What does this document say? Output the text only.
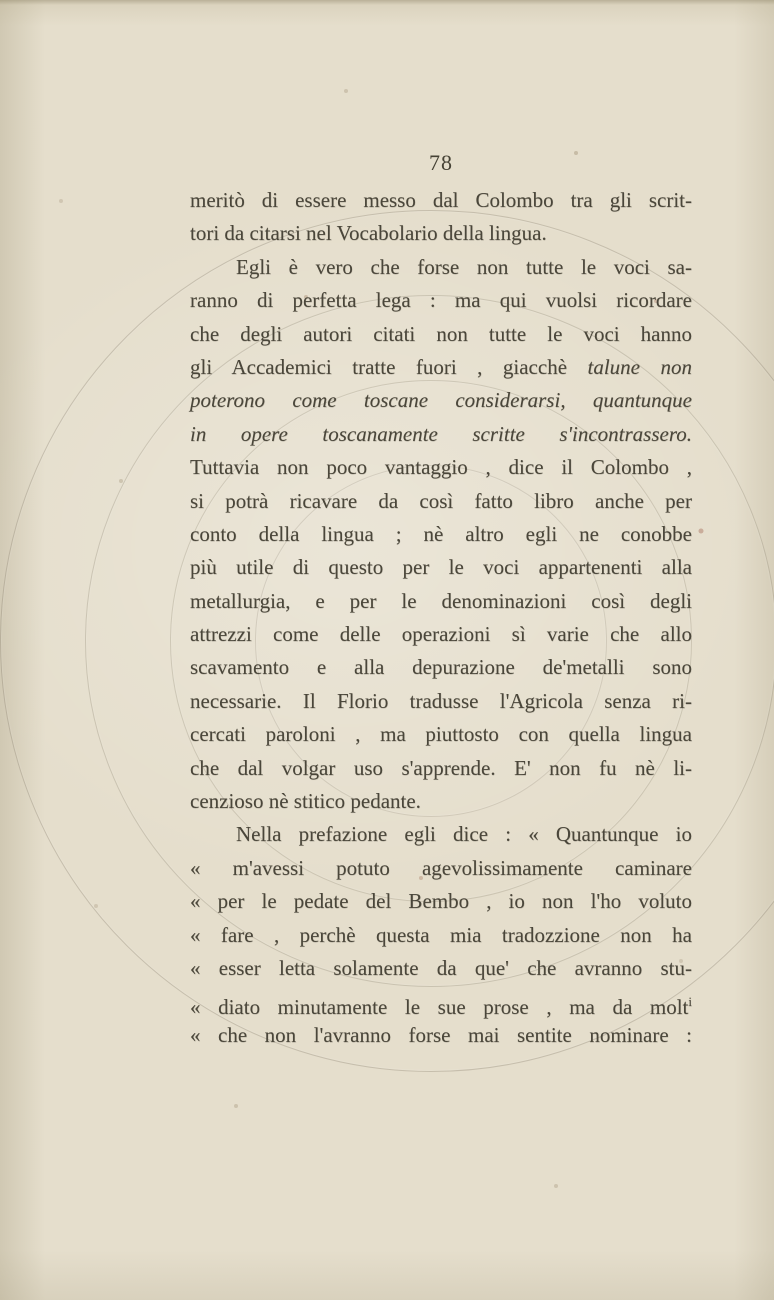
78
meritò di essere messo dal Colombo tra gli scrit-
tori da citarsi nel Vocabolario della lingua.
Egli è vero che forse non tutte le voci sa-
ranno di perfetta lega : ma qui vuolsi ricordare
che degli autori citati non tutte le voci hanno
gli Accademici tratte fuori , giacchè talune non
poterono come toscane considerarsi, quantunque
in opere toscanamente scritte s'incontrassero.
Tuttavia non poco vantaggio , dice il Colombo ,
si potrà ricavare da così fatto libro anche per
conto della lingua ; nè altro egli ne conobbe
più utile di questo per le voci appartenenti alla
metallurgia, e per le denominazioni così degli
attrezzi come delle operazioni sì varie che allo
scavamento e alla depurazione de'metalli sono
necessarie. Il Florio tradusse l'Agricola senza ri-
cercati paroloni , ma piuttosto con quella lingua
che dal volgar uso s'apprende. E' non fu nè li-
cenzioso nè stitico pedante.
Nella prefazione egli dice : « Quantunque io
« m'avessi potuto agevolissimamente caminare
« per le pedate del Bembo , io non l'ho voluto
« fare , perchè questa mia tradozzione non ha
« esser letta solamente da que' che avranno stu-
« diato minutamente le sue prose , ma da molt$^i$
« che non l'avranno forse mai sentite nominare :
